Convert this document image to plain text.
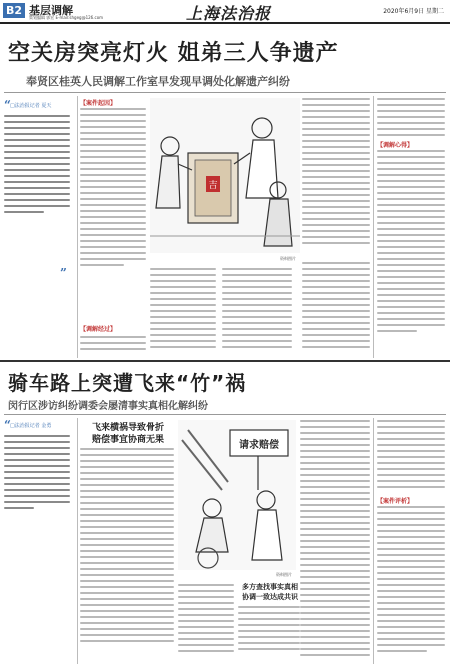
B2 基层调解
策划编辑 郭宏 E-mail:shgeg@126.com	上海法治报	2020年6月9日 星期二
空关房突亮灯火 姐弟三人争遗产
奉贤区桂英人民调解工作室早发现早调处化解遗产纠纷
“ □法治报记者 夏天
”
【案件起因】
【调解经过】
吉
资料图片
【调解心得】
骑车路上突遭飞来“竹”祸
闵行区涉访纠纷调委会屡清事实真相化解纠纷
“ □法治报记者 金勇	飞来横祸导致骨折
赔偿事宜协商无果	请求赔偿
资料图片
多方查找事实真相
协调一致达成共识
【案件评析】
